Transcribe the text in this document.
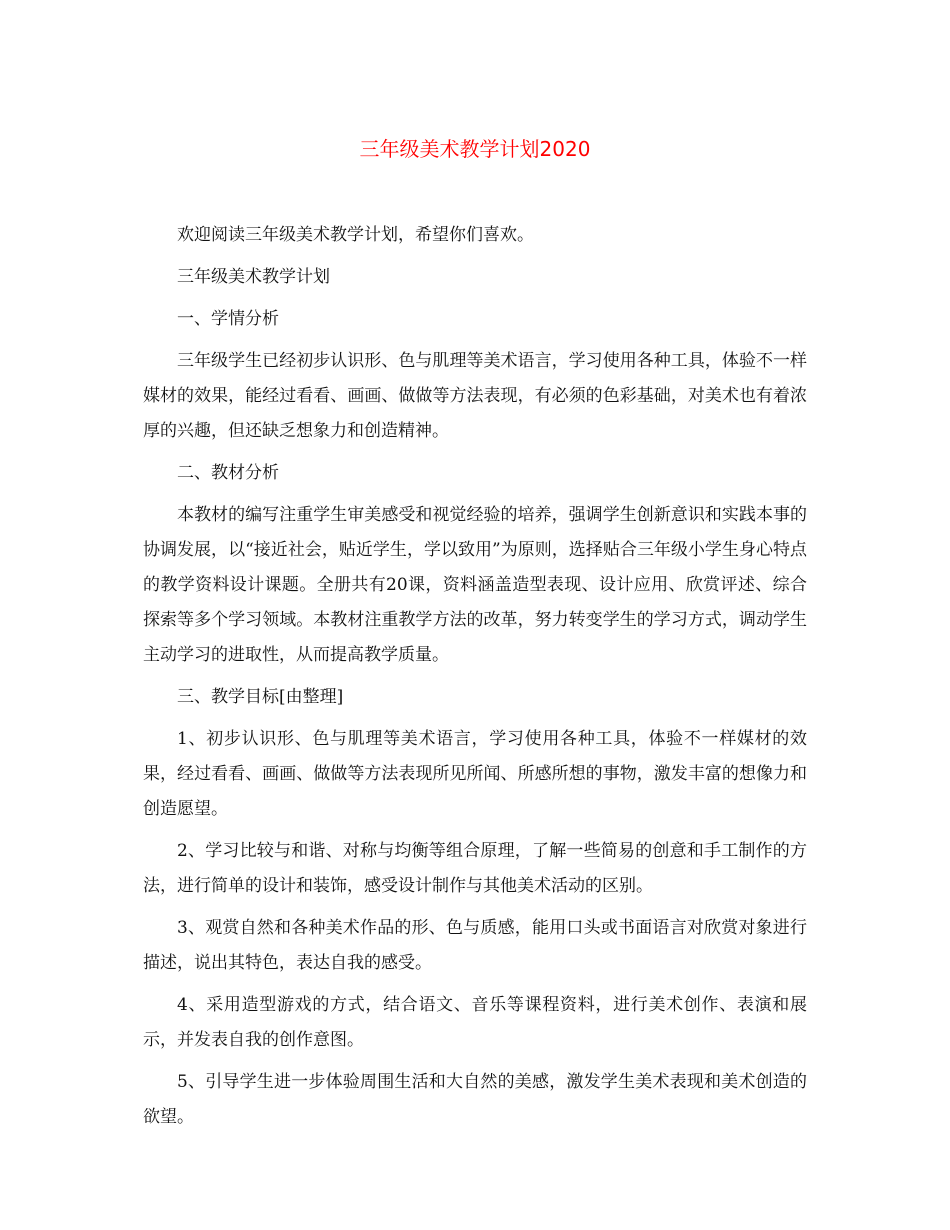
三年级美术教学计划2020

欢迎阅读三年级美术教学计划，希望你们喜欢。

三年级美术教学计划

一、学情分析

三年级学生已经初步认识形、色与肌理等美术语言，学习使用各种工具，体验不一样媒材的效果，能经过看看、画画、做做等方法表现，有必须的色彩基础，对美术也有着浓厚的兴趣，但还缺乏想象力和创造精神。

二、教材分析

本教材的编写注重学生审美感受和视觉经验的培养，强调学生创新意识和实践本事的协调发展，以“接近社会，贴近学生，学以致用”为原则，选择贴合三年级小学生身心特点的教学资料设计课题。全册共有20课，资料涵盖造型表现、设计应用、欣赏评述、综合探索等多个学习领域。本教材注重教学方法的改革，努力转变学生的学习方式，调动学生主动学习的进取性，从而提高教学质量。

三、教学目标[由整理]

1、初步认识形、色与肌理等美术语言，学习使用各种工具，体验不一样媒材的效果，经过看看、画画、做做等方法表现所见所闻、所感所想的事物，激发丰富的想像力和创造愿望。

2、学习比较与和谐、对称与均衡等组合原理，了解一些简易的创意和手工制作的方法，进行简单的设计和装饰，感受设计制作与其他美术活动的区别。

3、观赏自然和各种美术作品的形、色与质感，能用口头或书面语言对欣赏对象进行描述，说出其特色，表达自我的感受。

4、采用造型游戏的方式，结合语文、音乐等课程资料，进行美术创作、表演和展示，并发表自我的创作意图。

5、引导学生进一步体验周围生活和大自然的美感，激发学生美术表现和美术创造的欲望。
